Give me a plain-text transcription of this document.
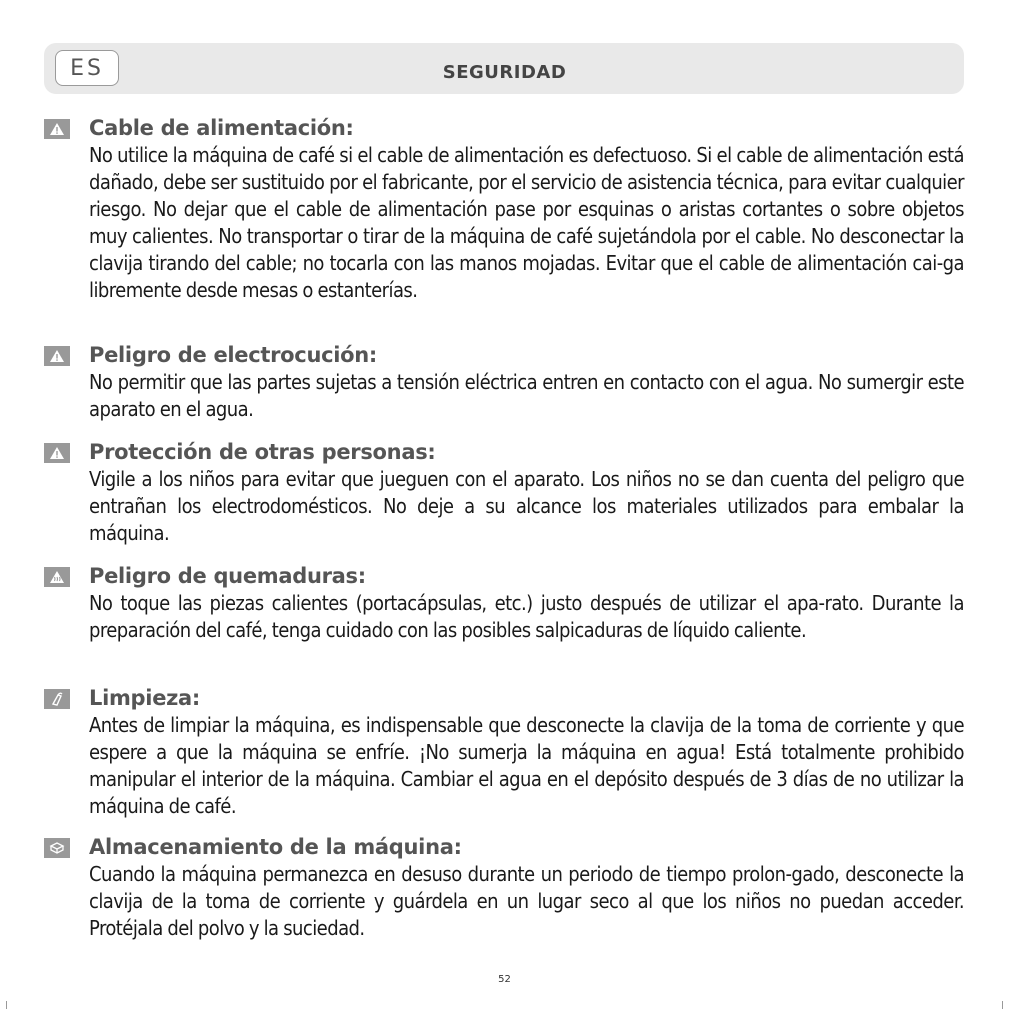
ES	SEGURIDAD
Cable de alimentación:
No utilice la máquina de café si el cable de alimentación es defectuoso. Si el cable de alimentación está dañado, debe ser sustituido por el fabricante, por el servicio de asistencia técnica, para evitar cualquier riesgo. No dejar que el cable de alimentación pase por esquinas o aristas cortantes o sobre objetos muy calientes. No transportar o tirar de la máquina de café sujetándola por el cable. No desconectar la clavija tirando del cable; no tocarla con las manos mojadas. Evitar que el cable de alimentación cai-ga libremente desde mesas o estanterías.
Peligro de electrocución:
No permitir que las partes sujetas a tensión eléctrica entren en contacto con el agua. No sumergir este aparato en el agua.
Protección de otras personas:
Vigile a los niños para evitar que jueguen con el aparato. Los niños no se dan cuenta del peligro que entrañan los electrodomésticos. No deje a su alcance los materiales utilizados para embalar la máquina.
Peligro de quemaduras:
No toque las piezas calientes (portacápsulas, etc.) justo después de utilizar el apa-rato. Durante la preparación del café, tenga cuidado con las posibles salpicaduras de líquido caliente.
Limpieza:
Antes de limpiar la máquina, es indispensable que desconecte la clavija de la toma de corriente y que espere a que la máquina se enfríe. ¡No sumerja la máquina en agua! Está totalmente prohibido manipular el interior de la máquina. Cambiar el agua en el depósito después de 3 días de no utilizar la máquina de café.
Almacenamiento de la máquina:
Cuando la máquina permanezca en desuso durante un periodo de tiempo prolon-gado, desconecte la clavija de la toma de corriente y guárdela en un lugar seco al que los niños no puedan acceder. Protéjala del polvo y la suciedad.
52
